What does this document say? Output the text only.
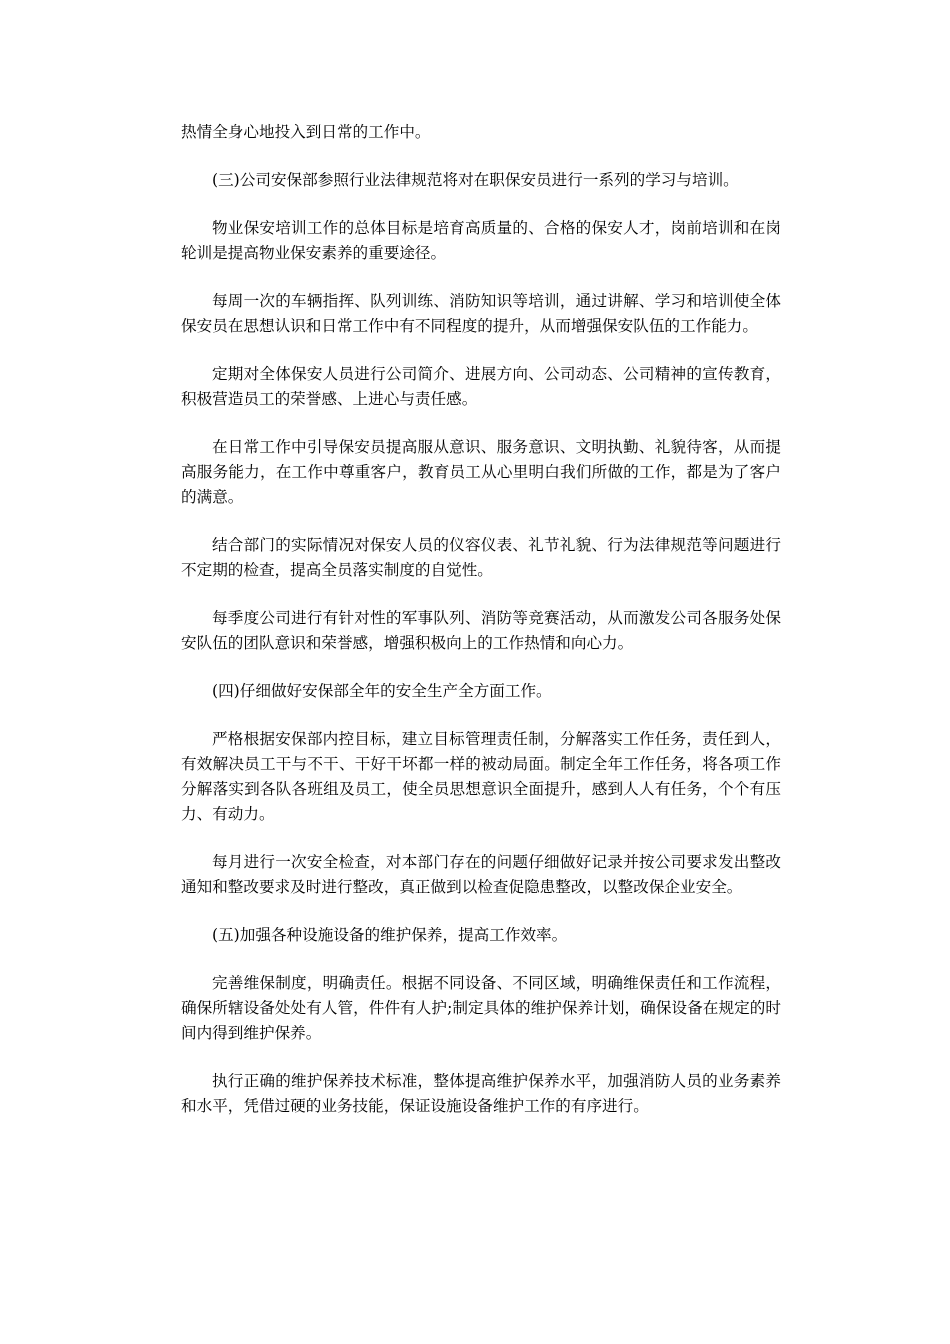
热情全身心地投入到日常的工作中。

(三)公司安保部参照行业法律规范将对在职保安员进行一系列的学习与培训。

物业保安培训工作的总体目标是培育高质量的、合格的保安人才，岗前培训和在岗轮训是提高物业保安素养的重要途径。

每周一次的车辆指挥、队列训练、消防知识等培训，通过讲解、学习和培训使全体保安员在思想认识和日常工作中有不同程度的提升，从而增强保安队伍的工作能力。

定期对全体保安人员进行公司简介、进展方向、公司动态、公司精神的宣传教育，积极营造员工的荣誉感、上进心与责任感。

在日常工作中引导保安员提高服从意识、服务意识、文明执勤、礼貌待客，从而提高服务能力，在工作中尊重客户，教育员工从心里明白我们所做的工作，都是为了客户的满意。

结合部门的实际情况对保安人员的仪容仪表、礼节礼貌、行为法律规范等问题进行不定期的检查，提高全员落实制度的自觉性。

每季度公司进行有针对性的军事队列、消防等竞赛活动，从而激发公司各服务处保安队伍的团队意识和荣誉感，增强积极向上的工作热情和向心力。

(四)仔细做好安保部全年的安全生产全方面工作。

严格根据安保部内控目标，建立目标管理责任制，分解落实工作任务，责任到人，有效解决员工干与不干、干好干坏都一样的被动局面。制定全年工作任务，将各项工作分解落实到各队各班组及员工，使全员思想意识全面提升，感到人人有任务，个个有压力、有动力。

每月进行一次安全检查，对本部门存在的问题仔细做好记录并按公司要求发出整改通知和整改要求及时进行整改，真正做到以检查促隐患整改，以整改保企业安全。

(五)加强各种设施设备的维护保养，提高工作效率。

完善维保制度，明确责任。根据不同设备、不同区域，明确维保责任和工作流程，确保所辖设备处处有人管，件件有人护;制定具体的维护保养计划，确保设备在规定的时间内得到维护保养。

执行正确的维护保养技术标准，整体提高维护保养水平，加强消防人员的业务素养和水平，凭借过硬的业务技能，保证设施设备维护工作的有序进行。
